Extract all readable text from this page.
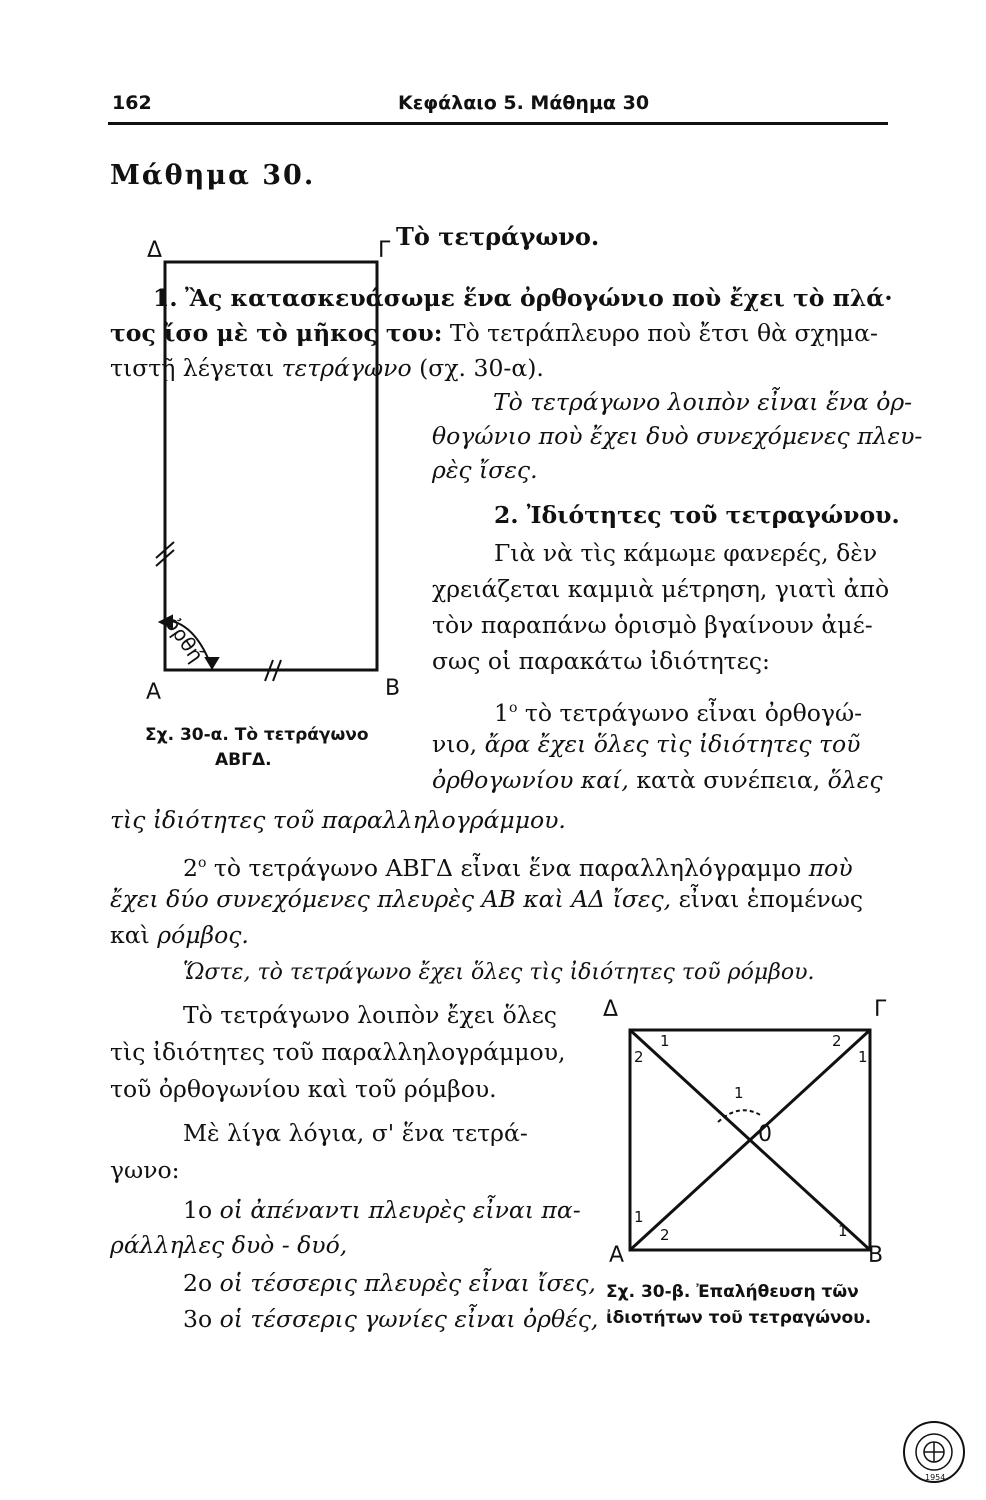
162	Κεφάλαιο 5. Μάθημα 30
Μάθημα 30.
Τὸ τετράγωνο.
1. Ἂς κατασκευάσωμε ἕνα ὀρθογώνιο ποὺ ἔχει τὸ πλά·
τος ἴσο μὲ τὸ μῆκος του: Τὸ τετράπλευρο ποὺ ἔτσι θὰ σχημα-
τιστῇ λέγεται τετράγωνο (σχ. 30-α).
Τὸ τετράγωνο λοιπὸν εἶναι ἕνα ὀρ-
θογώνιο ποὺ ἔχει δυὸ συνεχόμενες πλευ-
ρὲς ἴσες.
2. Ἰδιότητες τοῦ τετραγώνου.
Γιὰ νὰ τὶς κάμωμε φανερές, δὲν
χρειάζεται καμμιὰ μέτρηση, γιατὶ ἀπὸ
τὸν παραπάνω ὁρισμὸ βγαίνουν ἀμέ-
σως οἱ παρακάτω ἰδιότητες:
$1^o$ τὸ τετράγωνο εἶναι ὀρθογώ-
νιο, ἄρα ἔχει ὅλες τὶς ἰδιότητες τοῦ
ὀρθογωνίου καί, κατὰ συνέπεια, ὅλες
τὶς ἰδιότητες τοῦ παραλληλογράμμου.
$2^o$ τὸ τετράγωνο ΑΒΓΔ εἶναι ἕνα παραλληλόγραμμο ποὺ
ἔχει δύο συνεχόμενες πλευρὲς ΑΒ καὶ ΑΔ ἴσες, εἶναι ἑπομένως
καὶ ρόμβος.
Ὥστε, τὸ τετράγωνο ἔχει ὅλες τὶς ἰδιότητες τοῦ ρόμβου.
Τὸ τετράγωνο λοιπὸν ἔχει ὅλες
τὶς ἰδιότητες τοῦ παραλληλογράμμου,
τοῦ ὀρθογωνίου καὶ τοῦ ρόμβου.
Μὲ λίγα λόγια, σ' ἕνα τετρά-
γωνο:
1ο οἱ ἀπέναντι πλευρὲς εἶναι πα-
ράλληλες δυὸ - δυό,
2ο οἱ τέσσερις πλευρὲς εἶναι ἴσες,
3ο οἱ τέσσερις γωνίες εἶναι ὀρθές,
Δ	Γ
Α	Β
ὀρθή
Σχ. 30-α. Τὸ τετράγωνο
ΑΒΓΔ.
Δ	Γ
Α	Β
0
1
2
2
1
1
2	1
1
Σχ. 30-β. Ἐπαλήθευση τῶν
ἰδιοτήτων τοῦ τετραγώνου.
1954
